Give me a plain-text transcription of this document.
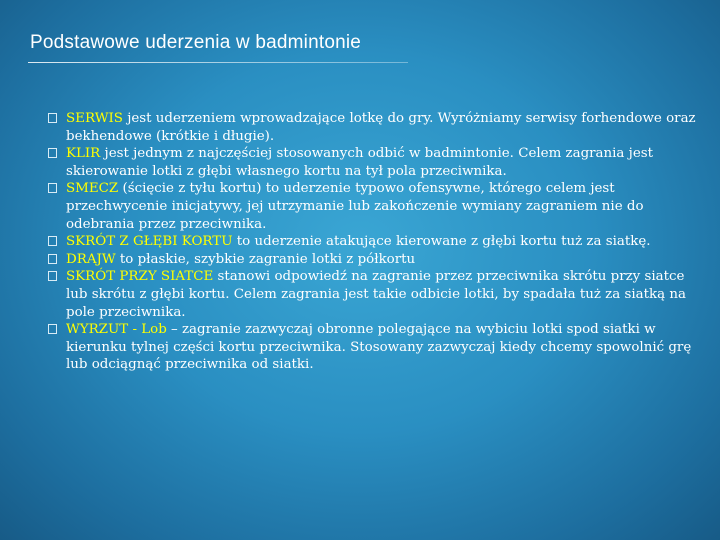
Podstawowe uderzenia w badmintonie
SERWIS jest uderzeniem wprowadzające lotkę do gry. Wyróżniamy serwisy forhendowe oraz bekhendowe (krótkie i długie).
KLIR jest jednym z najczęściej stosowanych odbić w badmintonie. Celem zagrania jest skierowanie lotki z głębi własnego kortu na tył pola przeciwnika.
SMECZ (ścięcie z tyłu kortu) to uderzenie typowo ofensywne, którego celem jest przechwycenie inicjatywy, jej utrzymanie lub zakończenie wymiany zagraniem nie do odebrania przez przeciwnika.
SKRÓT Z GŁĘBI KORTU to uderzenie atakujące kierowane z głębi kortu tuż za siatkę.
DRAJW to płaskie, szybkie zagranie lotki z półkortu
SKRÓT PRZY SIATCE stanowi odpowiedź na zagranie przez przeciwnika skrótu przy siatce lub skrótu z głębi kortu. Celem zagrania jest takie odbicie lotki, by spadała tuż za siatką na pole przeciwnika.
WYRZUT - Lob – zagranie zazwyczaj obronne polegające na wybiciu lotki spod siatki w kierunku tylnej części kortu przeciwnika. Stosowany zazwyczaj kiedy chcemy spowolnić grę lub odciągnąć przeciwnika od siatki.
